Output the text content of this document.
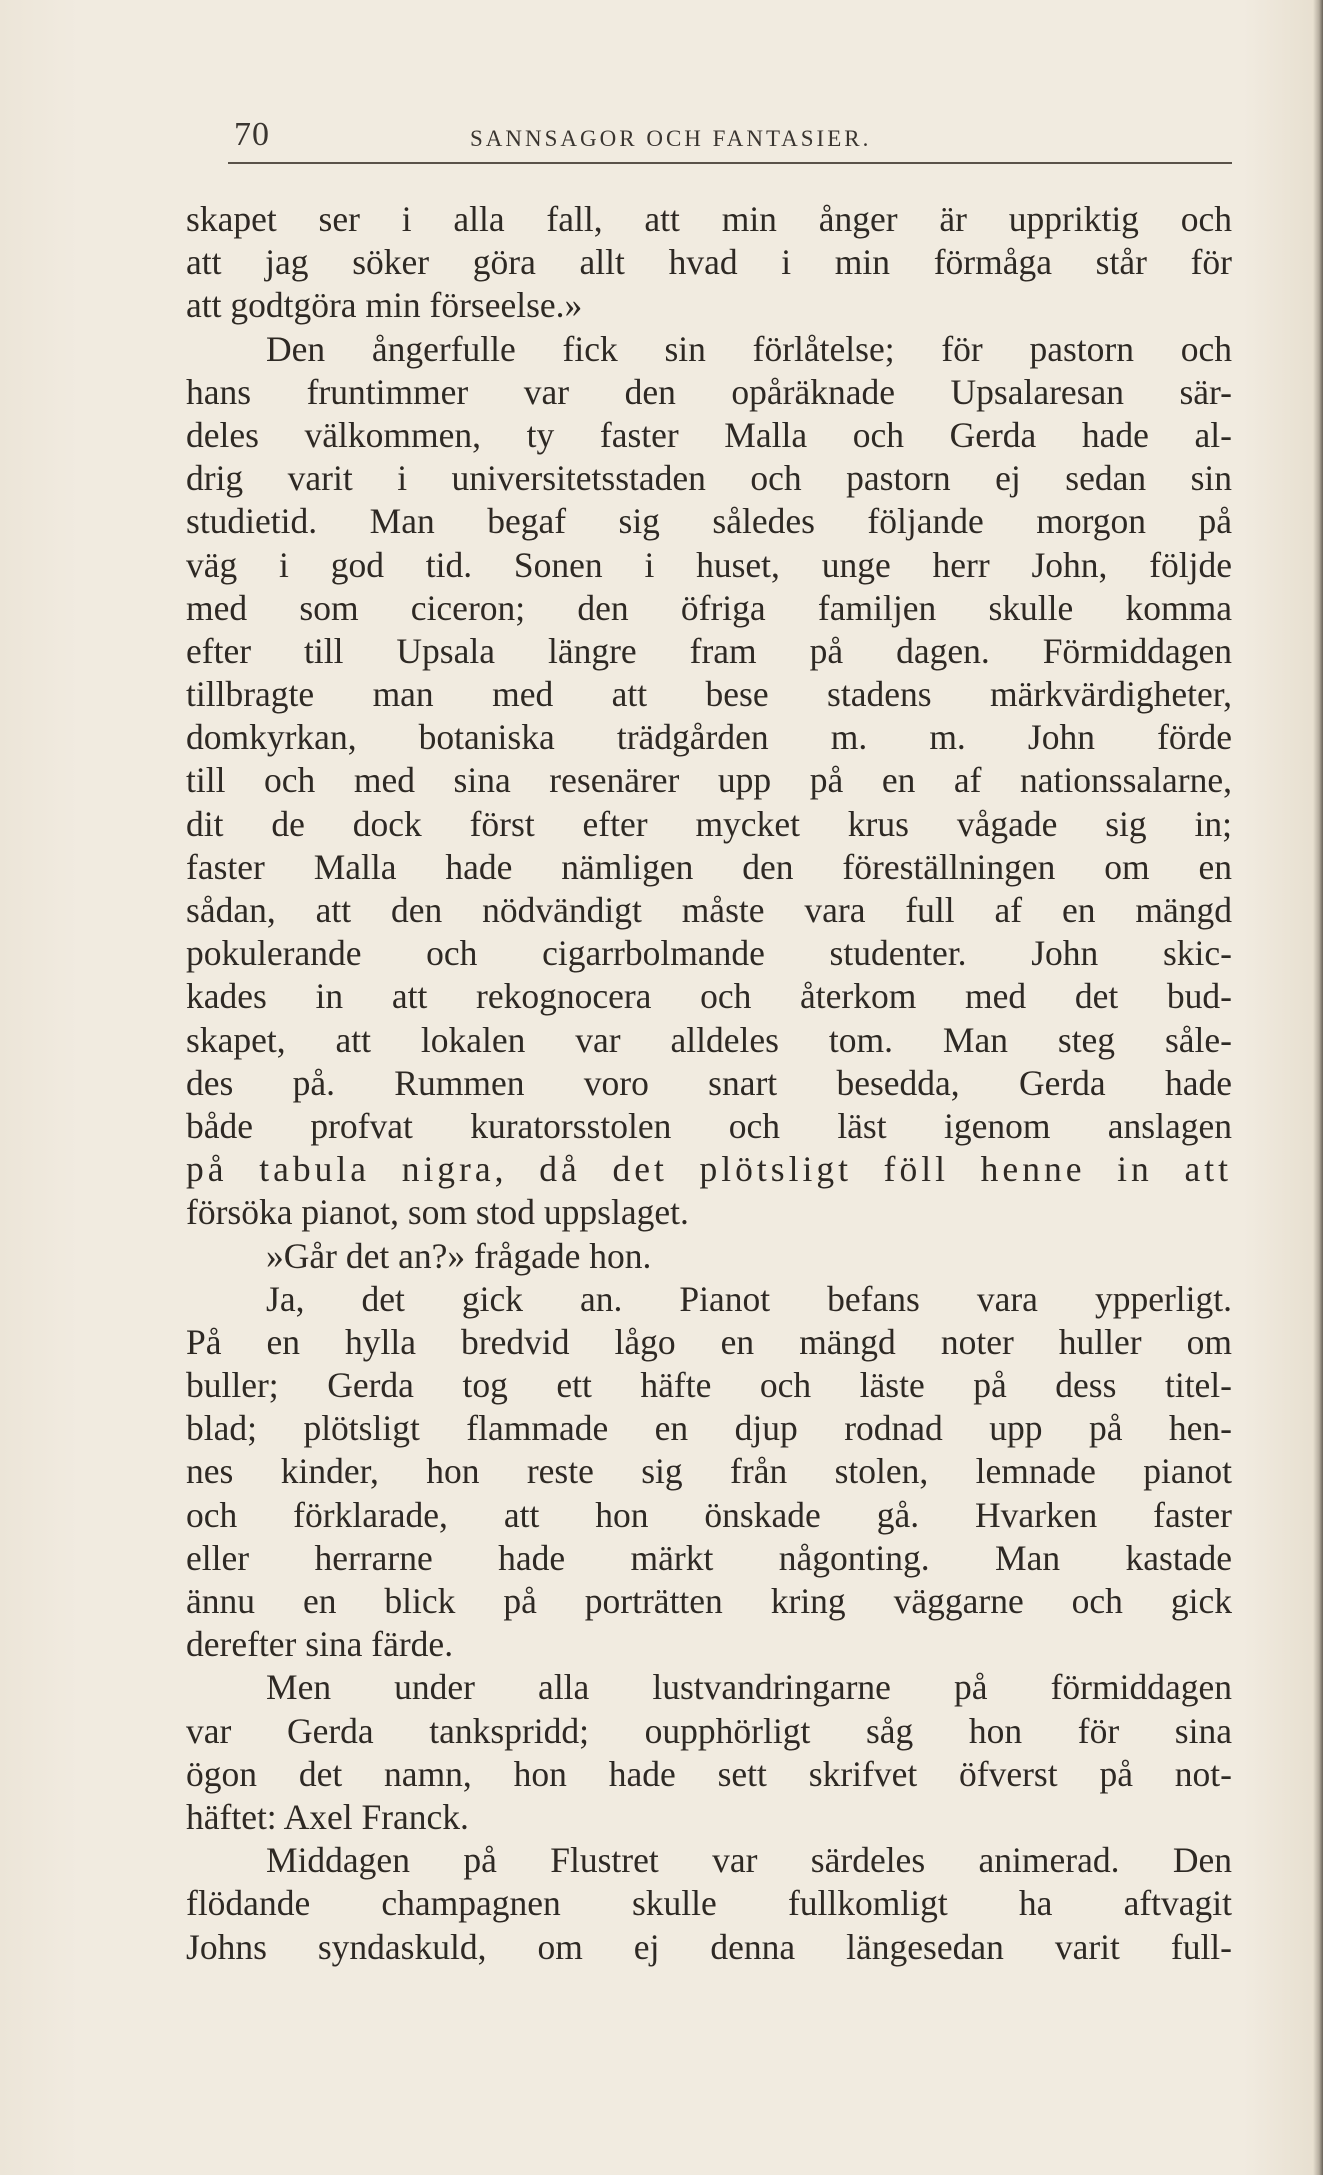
70	SANNSAGOR OCH FANTASIER.
skapet ser i alla fall, att min ånger är uppriktig och
att jag söker göra allt hvad i min förmåga står för
att godtgöra min förseelse.»
Den ångerfulle fick sin förlåtelse; för pastorn och
hans fruntimmer var den opåräknade Upsalaresan sär-
deles välkommen, ty faster Malla och Gerda hade al-
drig varit i universitetsstaden och pastorn ej sedan sin
studietid. Man begaf sig således följande morgon på
väg i god tid. Sonen i huset, unge herr John, följde
med som ciceron; den öfriga familjen skulle komma
efter till Upsala längre fram på dagen. Förmiddagen
tillbragte man med att bese stadens märkvärdigheter,
domkyrkan, botaniska trädgården m. m. John förde
till och med sina resenärer upp på en af nationssalarne,
dit de dock först efter mycket krus vågade sig in;
faster Malla hade nämligen den föreställningen om en
sådan, att den nödvändigt måste vara full af en mängd
pokulerande och cigarrbolmande studenter. John skic-
kades in att rekognocera och återkom med det bud-
skapet, att lokalen var alldeles tom. Man steg såle-
des på. Rummen voro snart besedda, Gerda hade
både profvat kuratorsstolen och läst igenom anslagen
på tabula nigra, då det plötsligt föll henne in att
försöka pianot, som stod uppslaget.
»Går det an?» frågade hon.
Ja, det gick an. Pianot befans vara ypperligt.
På en hylla bredvid lågo en mängd noter huller om
buller; Gerda tog ett häfte och läste på dess titel-
blad; plötsligt flammade en djup rodnad upp på hen-
nes kinder, hon reste sig från stolen, lemnade pianot
och förklarade, att hon önskade gå. Hvarken faster
eller herrarne hade märkt någonting. Man kastade
ännu en blick på porträtten kring väggarne och gick
derefter sina färde.
Men under alla lustvandringarne på förmiddagen
var Gerda tankspridd; oupphörligt såg hon för sina
ögon det namn, hon hade sett skrifvet öfverst på not-
häftet: Axel Franck.
Middagen på Flustret var särdeles animerad. Den
flödande champagnen skulle fullkomligt ha aftvagit
Johns syndaskuld, om ej denna längesedan varit full-
